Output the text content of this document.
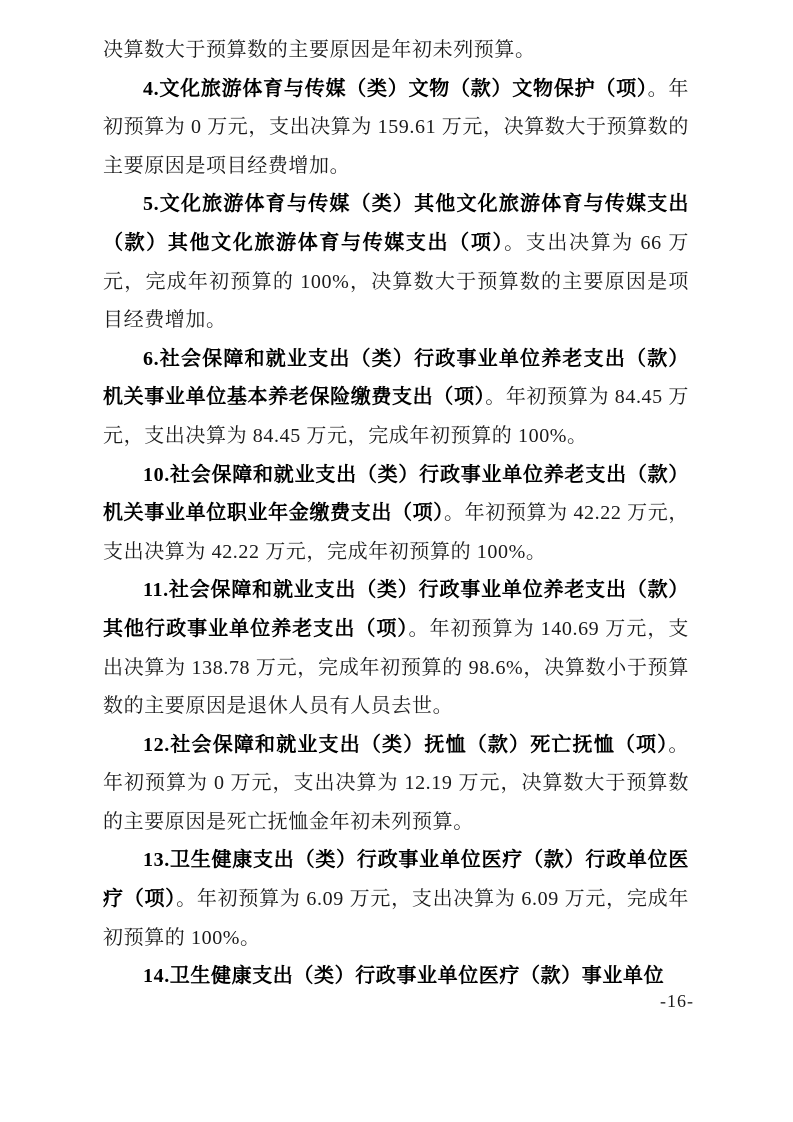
决算数大于预算数的主要原因是年初未列预算。

4.文化旅游体育与传媒（类）文物（款）文物保护（项）。年初预算为 0 万元，支出决算为 159.61 万元，决算数大于预算数的主要原因是项目经费增加。

5.文化旅游体育与传媒（类）其他文化旅游体育与传媒支出（款）其他文化旅游体育与传媒支出（项）。支出决算为 66 万元，完成年初预算的 100%，决算数大于预算数的主要原因是项目经费增加。

6.社会保障和就业支出（类）行政事业单位养老支出（款）机关事业单位基本养老保险缴费支出（项）。年初预算为 84.45 万元，支出决算为 84.45 万元，完成年初预算的 100%。

10.社会保障和就业支出（类）行政事业单位养老支出（款）机关事业单位职业年金缴费支出（项）。年初预算为 42.22 万元，支出决算为 42.22 万元，完成年初预算的 100%。

11.社会保障和就业支出（类）行政事业单位养老支出（款）其他行政事业单位养老支出（项）。年初预算为 140.69 万元，支出决算为 138.78 万元，完成年初预算的 98.6%，决算数小于预算数的主要原因是退休人员有人员去世。

12.社会保障和就业支出（类）抚恤（款）死亡抚恤（项）。年初预算为 0 万元，支出决算为 12.19 万元，决算数大于预算数的主要原因是死亡抚恤金年初未列预算。

13.卫生健康支出（类）行政事业单位医疗（款）行政单位医疗（项）。年初预算为 6.09 万元，支出决算为 6.09 万元，完成年初预算的 100%。

14.卫生健康支出（类）行政事业单位医疗（款）事业单位

-16-
